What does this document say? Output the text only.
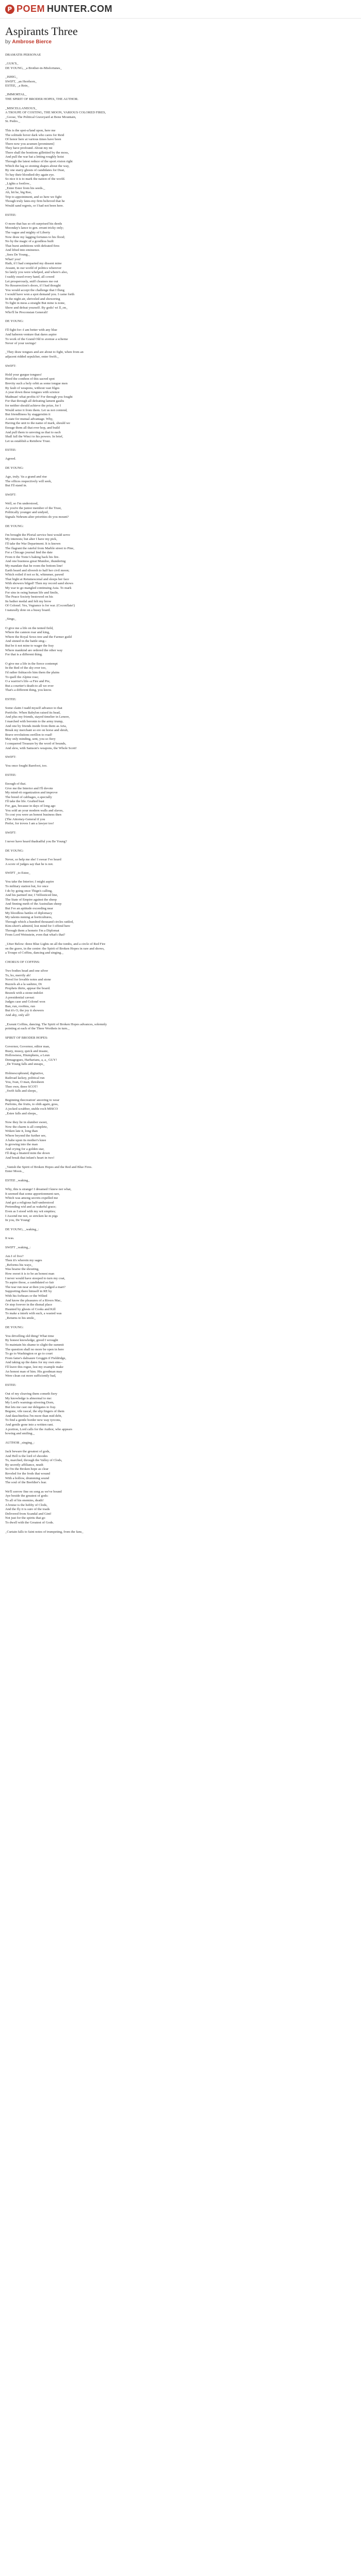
P POEM HUNTER.COM
Aspirants Three
by Ambrose Bierce

DRAMATIS PERSONAE

_GUK'S_
DE YOUNG, _a Brother-in-Misfortunes_

_ISHIG_
SWIFT, _an Herrhorn_
ESTEE, _a Rein_

_IMMORTAL_
THE SPIRIT OF BRODER HOPES, THE AUTHOR.

_MISCELLANEOUS_
A TROUPE OF COSTING, THE MOON, VARIOUS COLORED FIRES,
_Goose, The Political Graveyard at Bone Mountain,
St. Pedro._

This is the spot-a/land upon, here me
The solitude hover dark who cares for Reid
Of honor here at various times have been
There now you acumen [prominent]
They have profound. About my mi
There shall the bonitons gillettied by the moss,
And pull the war hat a letting roughly hoist
Through the latest reduce of the sport.vision right
Which the lag so stoning shapes about the way,
By one starry ghosts of candidates for Dust,
To bay their bloodied-dry again eye.
So nice it is to mark the nation of the world.
_Lights a footlow_
_Enter Ester from his seeds._
Ah, hit he, big Ree,
Trip to appointment, and so here we fight
Though truly fates-my firm believed that he
Would sand regrets, or I had not been here.

ESTEE:

O more that has so oft surprised his deeds
Moonday's lance to gen. errant tricky only;
The vague and mighty of Liberty
Now draw my lagging fortunes to his flood;
No by the magic of a goodless built
That burst ambitions with defeated fires
And lifted into eminence.
_Sees De Young._
What! you!
Hath, if I had comparted my dissent mine
Avaunt, in our world of politics wherever
So lately you were whelped, and where's also,
I rashly essed every hand, all cowed
Let prosperously, sniff cleanses me out
No Resurrection's doors, if I had thought
You would accept the challenge that I flung
I would have won a spot demand you. I came forth
In the night air, shriveled and showering
To fight in mess a straight But mine is none,
Show and defeat yourself. By gods! wi ll_on_
Who'll be Proconsian Generali!

DE YOUNG:

I'll fight for--I am better with any blue
And haberen venture that dares aspire
To work of the Grand Old to avenue a scheme
Never of your ravings!

_They draw tongues and are about to fight, when from an
adjacent ridded sepulcher, enter Swift._

SWIFT:

Hold your gurgue tongues!
Heed the conthon of this sacred spot
Brevity such a holy orbit as some tongue men
By fault of weapons, without vast filges
A year down these tongues with science
Madman! what profits it? For through you fought
For that through all defeating lament gaults
for neither should achieve the prize, for I
Would seize it from them. Let us not contend,
But friendliness by staggerstim it
A state for mutual advantage. Why,
Having the unit to the name of mark, should we
Enrage them all that ever hop, and build
And pull them to unvoing us that to each
Shall fall the Winci to his powers. In brief,
Let us establish a Reinbow Trust.

ESTEE:

Agreed.

DE YOUNG:

Ago, truly. 'tis a grand and rise
The offices respectively will seek,
But I'll stand in.

SWIFT:

Well, so I'm understood,
As you're the junior member of the Trust,
Politically younger and undyed,
Signals Nehrum-alter priorities do you mount?

DE YOUNG:

I'm brought the Plorial service best would serve
My interests; but alter I have my pick,
I'll take the War Department. It is known
The flagrant the rateful from Marble street to Pine,
For a Chicago journal lind the date
From ti the Tonic's baking back his fire.
And one business great Mundoo, thundering
My mandate that he room the bottom line!
Earth heard and sliversh to half her civil moon;
Which roiled if not so hi, whimmer, pawed
That bight at Retumescenal and sleeps her face
With showers bilged! Then my record sand shows
My war to go mangled continuing Asia. To mark
For sins in osing human life and Smile,
The Peace Society bestowed on his
Its bather medal and felt my brow
Of Colonel. Yes, Vegrance is for war. (Coconflate!)
I naturally dote on a bussy board.

_Sings_

O give me a life on the tented field,
Where the cannon roar and king,
Where the Royal Sows tree and the Farmer guild
And sinned in the battle sing--
But be it not mine to wager the fray
Where mankind are ordered the other way
For that is a different thing.

O give me a life in the fierce contempt
In the Red of the sky ever too,
I'd rather fishtacolo him them the plains
To quell the Alpine rose;
O a warrior's life--a Fire and Pre,
But a courtier's death-to all we ever
That's a different thing, you know.

ESTEE:

Some claim I nadd myself advance to that
Portfolio. When Babylon raised its head,
And plus my friends, stayed timelier in Lenore,
I marched with boronin to the army trump,
And one by friends inside from them as Aria,
Break my merchant so ere on horse and shrub,
Brave revolutions eerillon to road!
May only minding, sent, you so fiery
I conquered Treasure by the word of bounds,
And slew, with Samson's weapons, the Whole Scott!

SWIFT:

You once fought Barefoot, too.

ESTEE:

Enough of that.
Give me the Interior and I'll devote
My mind-rit organization and improve
The breed of cabbages, e.specially
I'll take the life. Grafted bust
For_gas, because in days of long ago
You sold an your modern walls and slaves,
To cost you were an honest business then
(The Attorney-General if you
Prefer, for troves I am a lawyer too!

SWIFT:

I never have heard thadradful you Be Young?

DE YOUNG:

Never, so help me she! I swear I've heard
A score of judges say that he is not.

SWIFT _to Estee_

You take the Interior; I might aspire
To military station but, for once
I do by going once Thign's calling,
And his partnerl me; I Velfesticed line,
The State of Empire against the sheep
And finning meth of the Australian sheep
But I've an aptitude exceeding near
My bloodless battles of diplomacy
My talents mming at horticultures,
Through which a hundred thousand circles rattled,
Kim-short's admirid, lost mind for I offend here
Through them a hometo I'm a Diplomat
From Lord Weinstein, even that what's that?

_Utter Below: three Blue Lights on all the tombs, and a circle of Red Fire
on the grave, in the centre: the Spirit of Broken Hopes in rare and shows,
a Troupe of Coffins, dancing and singing._

CHORUS OF COFFINS:

Two bodies head and one silver
To, ho, merrily ah!
Novel for lovable notes and stone
Buzzels ah a la sashmo, Di
Prophets thirte, appear the board.
Bezeek with a stone-indolet
A presidential caveat:
Judges case and Colonel won
Ban, run, roo0ms, run
But it's O, the joy it showers
And ahy, only all!

_Exeunt Coffins, dancing. The Spirit of Broken Hopes advances, solemnly
pointing at each of the Three Wortheis in turn._

SPIRIT OF BRODER HOPES:

Governor, Governor, editor man,
Busty, mussy, quick and insane,
Hollowness, Hiumphens, a Leun
Demagogues, Harbarians, a, a_ GUY!
_De Young falls and sneaps_

Holmescophrand, digitative,
Railroad lackey, political run
You, Ivan, O man, thresheen
Thee own, three SCOT!
_Swift falls and sleeps_

Beginning thecreation' ancering to wear
Purloins, the fruits, to ohth again, goss,
A jocked scrabber, stuble roch MISCO
_Estee falls and sleeps_

Now they lie in slumber sweet,
Now the charm is all complete,
Woken late it, long than
Where beyond the further see,
A babe upon its mother's knee
Is growing into the man
And crying for a golden star,
I'll drag a linaterd mim the down
And break that infant's heart in two!

_Vanish the Spirit of Broken Hopes and the Red and Blue Fires.
Enter Moon._

ESTEE _waking_

Why, this is strange! I dreamed I knew not what,
It seemed that some apportionment rare,
Which was among secrets expelled me
And got a religious half-understood
Pretending wid and as wakeful grace;
Even as I stood with my wit empties;
I Ascend me not, so stricken ke m pigs
In you, De Young!

DE YOUNG, _waking_:

It was.

SWIFT _waking_:

Am I of five?
Then it's wherein my sages
_Reforms his ways_
Was hoarse the shouting,
How sweet it is to be an honest man
I never would have stooped to turn my coat,
To aspire those, a candidated so fair
The tear run near at then you judged a mart?
Supporting there himself in RE by
With his forbears or the Wilted
And know the pleasures of a Rivers Mac,
Or step forever in the dismal place
Haunted by ghosts of Cooks and Kill
To make a interk with such, a wasted was
_Returns to his smile_

DE YOUNG:

You drivelling old thing! What time
By honest knowledge, greed I wrought
To maintain his shame to slight the summit
The question shall no more be open in here
To go to Washington or go to court
From fame's dalisaure Groggin if Fieldridge,
And taking up the dates for my own sins--
I'll leave this rogue, lest my example make
An honest man of him. His goodman may
Were clean cut more sufficiently bad,

ESTEE:

Out of my cleaving them cometh fiery
My knowledge is abnormal to me:
My Lord's warnings stivering Dorn,
But lets me cast our delegates to fray.
Begone, vile rascal, the slip fingers of them
And dauchterless l'm more than mid debt,
To find a gentle border new way tyrcons,
And gentle gone into a written rant.
A portion, Lord calls for the Author, who appears
bowing and smiling._

AUTHOR _singing_:

Jack beware the greatest of gods,
And Hell is the lord of shoodes
To, marched, through the Valley of Clods,
By secretly affiliance, neath
So I'm the Broken hope as clear
Reveled for the frods that wound
With a hollow, drumming sound
The soul of the Beefdier's lear.

We'll sorrow fine on song as we've bound
Aye beside the greatest of gods:
To all of his enemies, death!
A bruise is the hobby of Clods,
And the fly it is sure of the toads
Delivered from Scandal and Gint!
Not just for the spirits that go
To dwell with the Greatest of Gods.

_Curtain falls to faint notes of trumpeting, from the fans_
